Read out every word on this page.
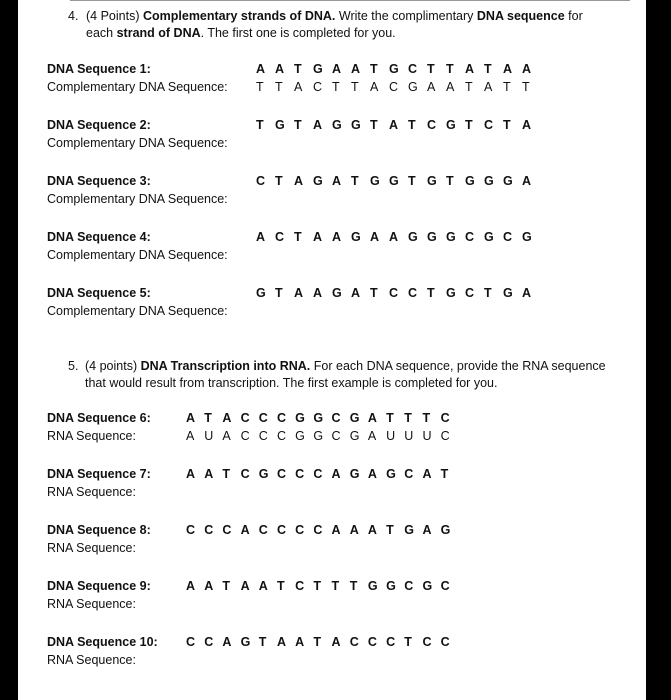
4. (4 Points) Complementary strands of DNA. Write the complimentary DNA sequence for
each strand of DNA. The first one is completed for you.
DNA Sequence 1:
Complementary DNA Sequence:
A A T G A A T G C T T A T A A
T T A C T T A C G A A T A T T
DNA Sequence 2:
Complementary DNA Sequence:
T G T A G G T A T C G T C T A
DNA Sequence 3:
Complementary DNA Sequence:
C T A G A T G G T G T G G G A
DNA Sequence 4:
Complementary DNA Sequence:
A C T A A G A A G G G C G C G
DNA Sequence 5:
Complementary DNA Sequence:
G T A A G A T C C T G C T G A
5. (4 points) DNA Transcription into RNA. For each DNA sequence, provide the RNA sequence
that would result from transcription. The first example is completed for you.
DNA Sequence 6:
RNA Sequence:
A T A C C C G G C G A T T T C
A U A C C C G G C G A U U U C
DNA Sequence 7:
RNA Sequence:
A A T C G C C C A G A G C A T
DNA Sequence 8:
RNA Sequence:
C C C A C C C C A A A T G A G
DNA Sequence 9:
RNA Sequence:
A A T A A T C T T T G G C G C
DNA Sequence 10:
RNA Sequence:
C C A G T A A T A C C C T C C
